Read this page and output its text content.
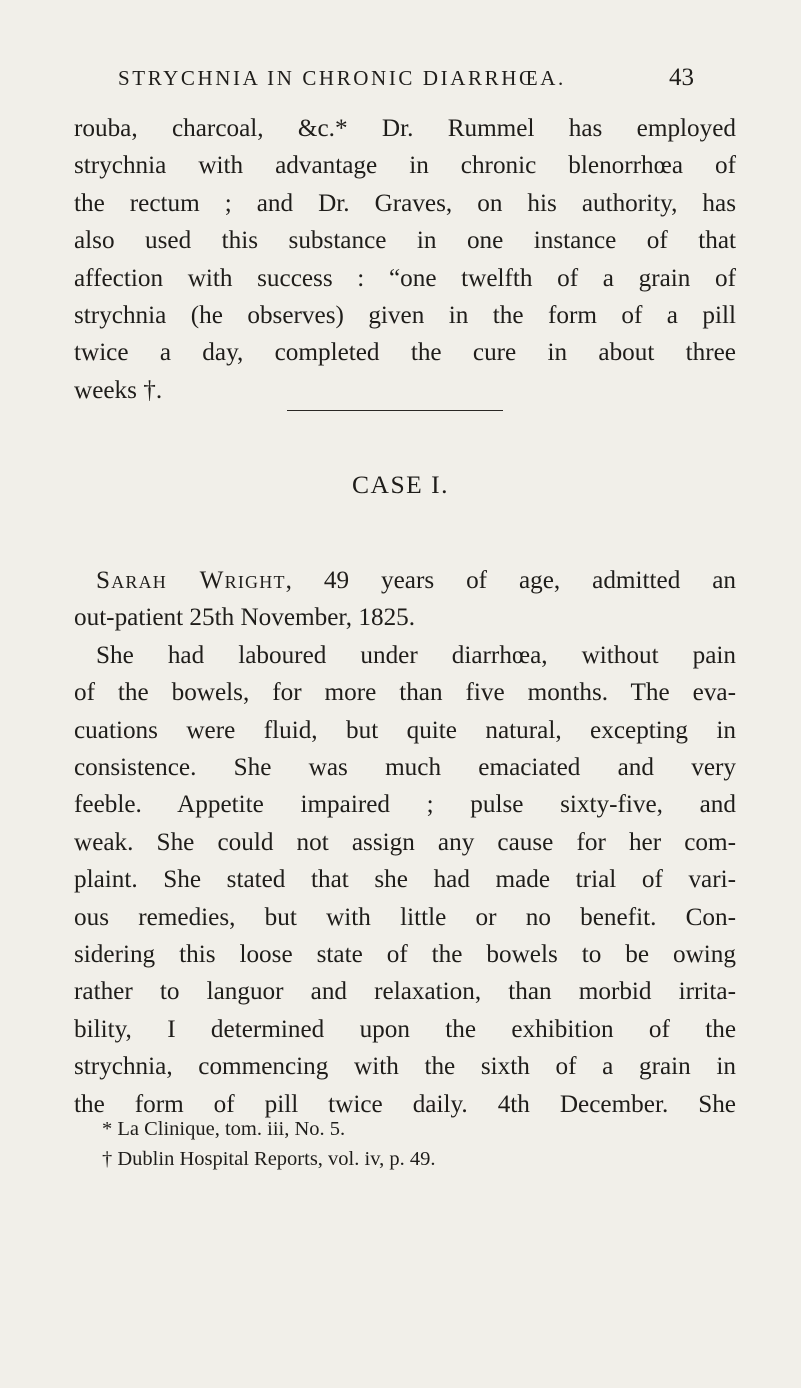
STRYCHNIA IN CHRONIC DIARRHŒA.	43

rouba, charcoal, &c.* Dr. Rummel has employed
strychnia with advantage in chronic blenorrhœa of
the rectum ; and Dr. Graves, on his authority, has
also used this substance in one instance of that
affection with success : “one twelfth of a grain of
strychnia (he observes) given in the form of a pill
twice a day, completed the cure in about three
weeks †.

CASE I.

Sarah Wright, 49 years of age, admitted an
out-patient 25th November, 1825.
She had laboured under diarrhœa, without pain
of the bowels, for more than five months. The eva-
cuations were fluid, but quite natural, excepting in
consistence. She was much emaciated and very
feeble. Appetite impaired ; pulse sixty-five, and
weak. She could not assign any cause for her com-
plaint. She stated that she had made trial of vari-
ous remedies, but with little or no benefit. Con-
sidering this loose state of the bowels to be owing
rather to languor and relaxation, than morbid irrita-
bility, I determined upon the exhibition of the
strychnia, commencing with the sixth of a grain in
the form of pill twice daily. 4th December. She

* La Clinique, tom. iii, No. 5.
† Dublin Hospital Reports, vol. iv, p. 49.
